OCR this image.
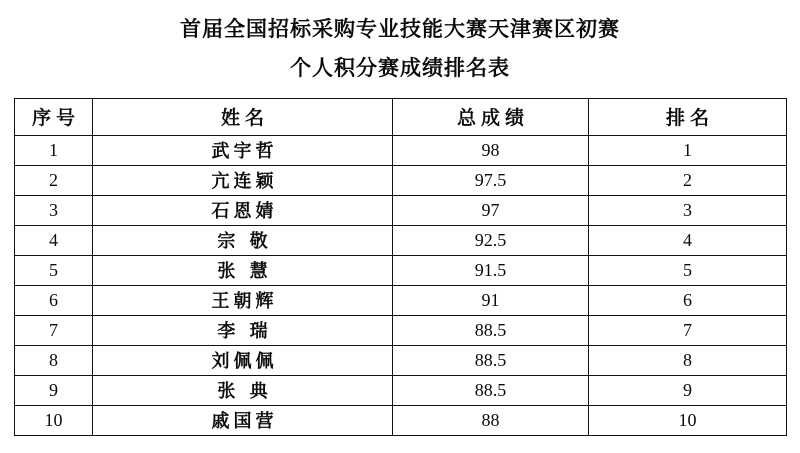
首届全国招标采购专业技能大赛天津赛区初赛
个人积分赛成绩排名表
序号	姓名	总成绩	排名
1	武宇哲	98	1
2	亢连颖	97.5	2
3	石恩婧	97	3
4	宗 敬	92.5	4
5	张 慧	91.5	5
6	王朝辉	91	6
7	李 瑞	88.5	7
8	刘佩佩	88.5	8
9	张 典	88.5	9
10	戚国营	88	10
